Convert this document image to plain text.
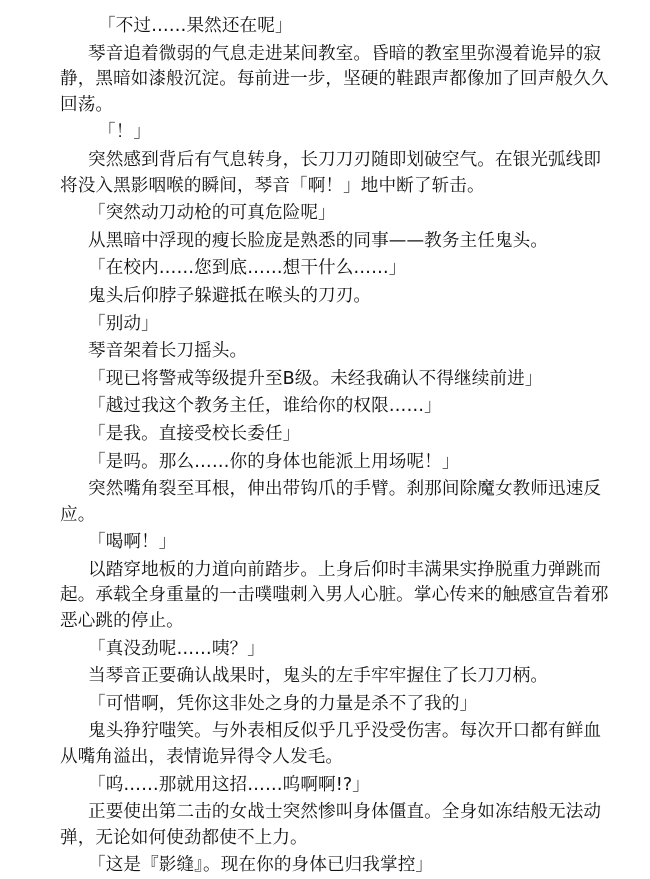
「不过……果然还在呢」

琴音追着微弱的气息走进某间教室。昏暗的教室里弥漫着诡异的寂静，黑暗如漆般沉淀。每前进一步，坚硬的鞋跟声都像加了回声般久久回荡。

「！」

突然感到背后有气息转身，长刀刀刃随即划破空气。在银光弧线即将没入黑影咽喉的瞬间，琴音「啊！」地中断了斩击。

「突然动刀动枪的可真危险呢」

从黑暗中浮现的瘦长脸庞是熟悉的同事——教务主任鬼头。

「在校内……您到底……想干什么……」

鬼头后仰脖子躲避抵在喉头的刀刃。

「别动」

琴音架着长刀摇头。

「现已将警戒等级提升至B级。未经我确认不得继续前进」

「越过我这个教务主任，谁给你的权限……」

「是我。直接受校长委任」

「是吗。那么……你的身体也能派上用场呢！」

突然嘴角裂至耳根，伸出带钩爪的手臂。刹那间除魔女教师迅速反应。

「喝啊！」

以踏穿地板的力道向前踏步。上身后仰时丰满果实挣脱重力弹跳而起。承载全身重量的一击噗嗤刺入男人心脏。掌心传来的触感宣告着邪恶心跳的停止。

「真没劲呢……咦？」

当琴音正要确认战果时，鬼头的左手牢牢握住了长刀刀柄。

「可惜啊，凭你这非处之身的力量是杀不了我的」

鬼头狰狞嗤笑。与外表相反似乎几乎没受伤害。每次开口都有鲜血从嘴角溢出，表情诡异得令人发毛。

「呜……那就用这招……呜啊啊!?」

正要使出第二击的女战士突然惨叫身体僵直。全身如冻结般无法动弹，无论如何使劲都使不上力。

「这是『影缝』。现在你的身体已归我掌控」
